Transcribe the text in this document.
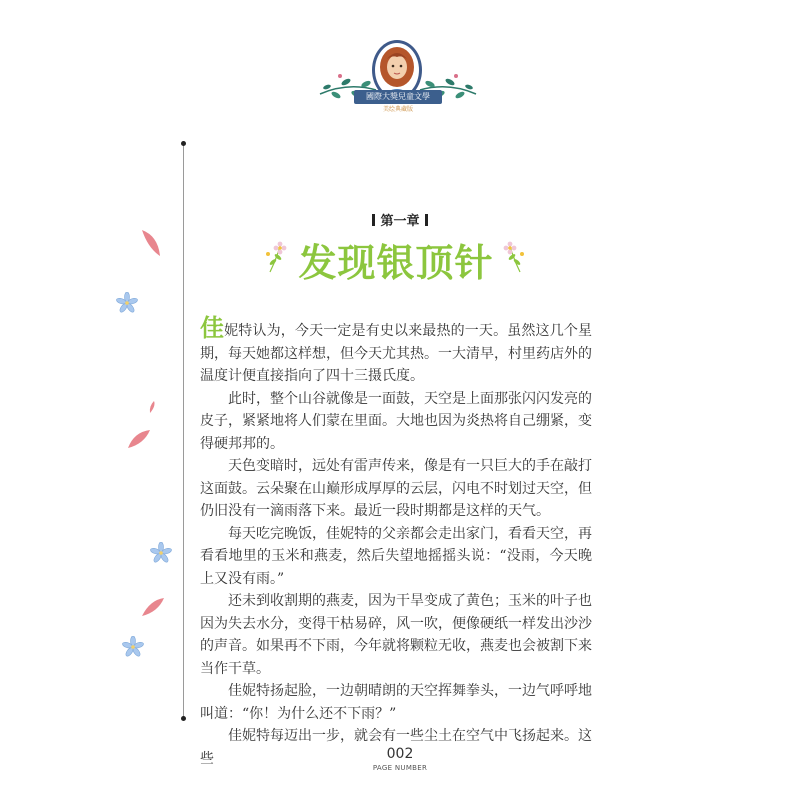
國際大獎兒童文學
美绘典藏版
第一章
发现银顶针

佳妮特认为，今天一定是有史以来最热的一天。虽然这几个星期，每天她都这样想，但今天尤其热。一大清早，村里药店外的温度计便直接指向了四十三摄氏度。

此时，整个山谷就像是一面鼓，天空是上面那张闪闪发亮的皮子，紧紧地将人们蒙在里面。大地也因为炎热将自己绷紧，变得硬邦邦的。

天色变暗时，远处有雷声传来，像是有一只巨大的手在敲打这面鼓。云朵聚在山巅形成厚厚的云层，闪电不时划过天空，但仍旧没有一滴雨落下来。最近一段时期都是这样的天气。

每天吃完晚饭，佳妮特的父亲都会走出家门，看看天空，再看看地里的玉米和燕麦，然后失望地摇摇头说：“没雨，今天晚上又没有雨。”

还未到收割期的燕麦，因为干旱变成了黄色；玉米的叶子也因为失去水分，变得干枯易碎，风一吹，便像硬纸一样发出沙沙的声音。如果再不下雨，今年就将颗粒无收，燕麦也会被割下来当作干草。

佳妮特扬起脸，一边朝晴朗的天空挥舞拳头，一边气呼呼地叫道：“你！为什么还不下雨？”

佳妮特每迈出一步，就会有一些尘土在空气中飞扬起来。这些	002
PAGE NUMBER
